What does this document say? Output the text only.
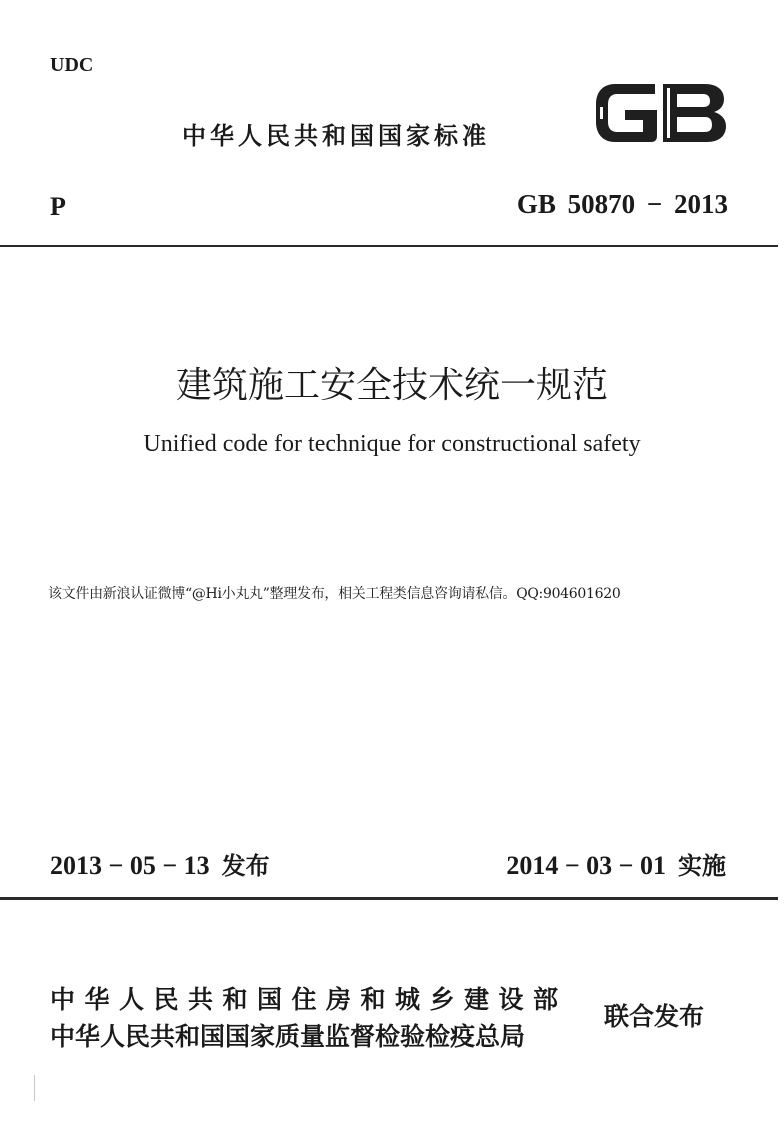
UDC
中华人民共和国国家标准
P	GB 50870 − 2013
建筑施工安全技术统一规范
Unified code for technique for constructional safety
该文件由新浪认证微博“@Hi小丸丸”整理发布，相关工程类信息咨询请私信。QQ:904601620
2013 − 05 − 13 发布	2014 − 03 − 01 实施
中华人民共和国住房和城乡建设部
中华人民共和国国家质量监督检验检疫总局
联合发布
